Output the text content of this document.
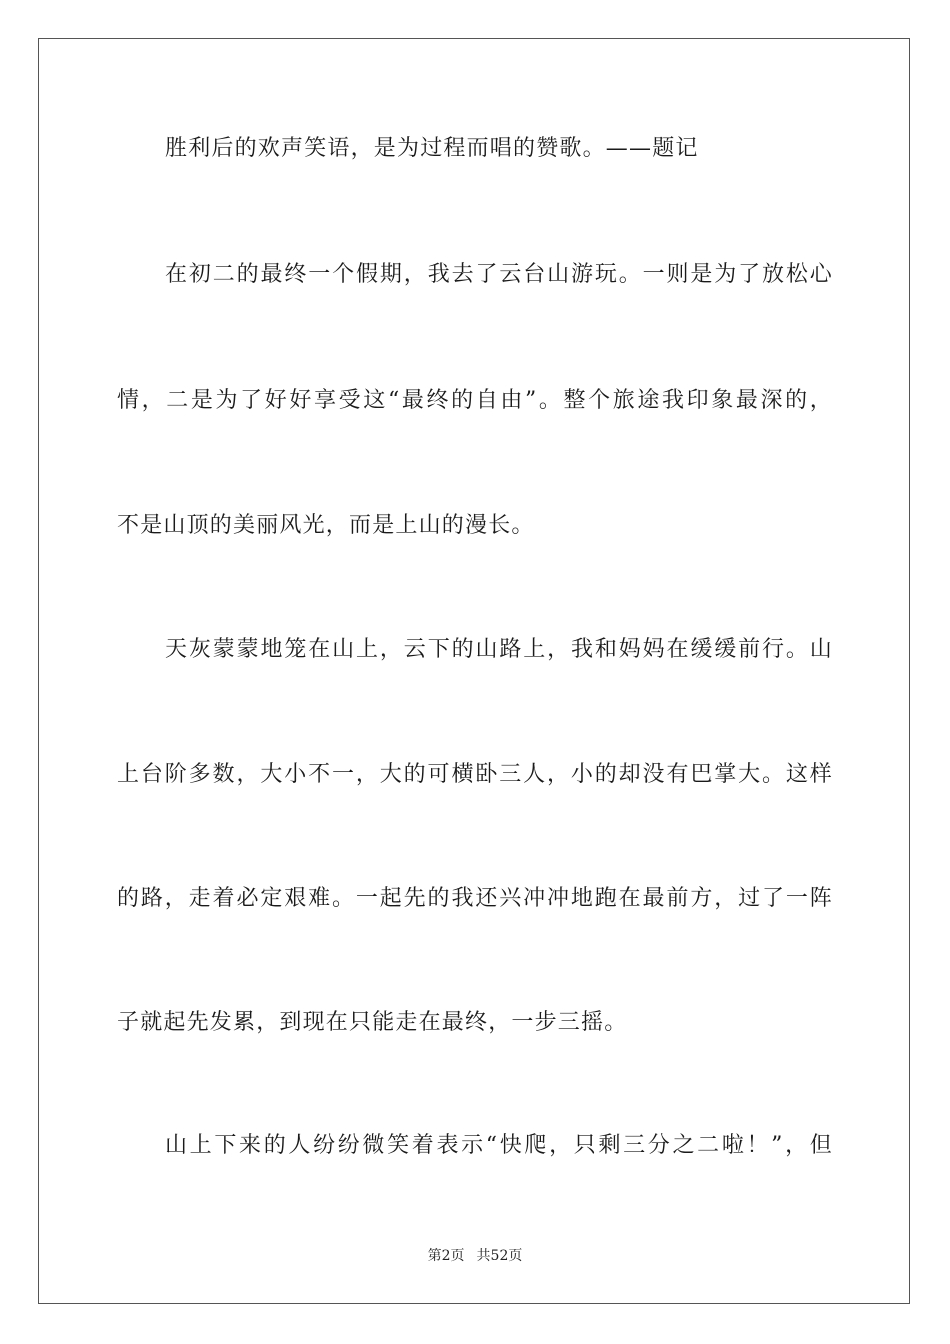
胜利后的欢声笑语，是为过程而唱的赞歌。——题记
在初二的最终一个假期，我去了云台山游玩。一则是为了放松心
情，二是为了好好享受这“最终的自由”。整个旅途我印象最深的，
不是山顶的美丽风光，而是上山的漫长。
天灰蒙蒙地笼在山上，云下的山路上，我和妈妈在缓缓前行。山
上台阶多数，大小不一，大的可横卧三人，小的却没有巴掌大。这样
的路，走着必定艰难。一起先的我还兴冲冲地跑在最前方，过了一阵
子就起先发累，到现在只能走在最终，一步三摇。
山上下来的人纷纷微笑着表示“快爬，只剩三分之二啦！”，但
第2页 共52页
